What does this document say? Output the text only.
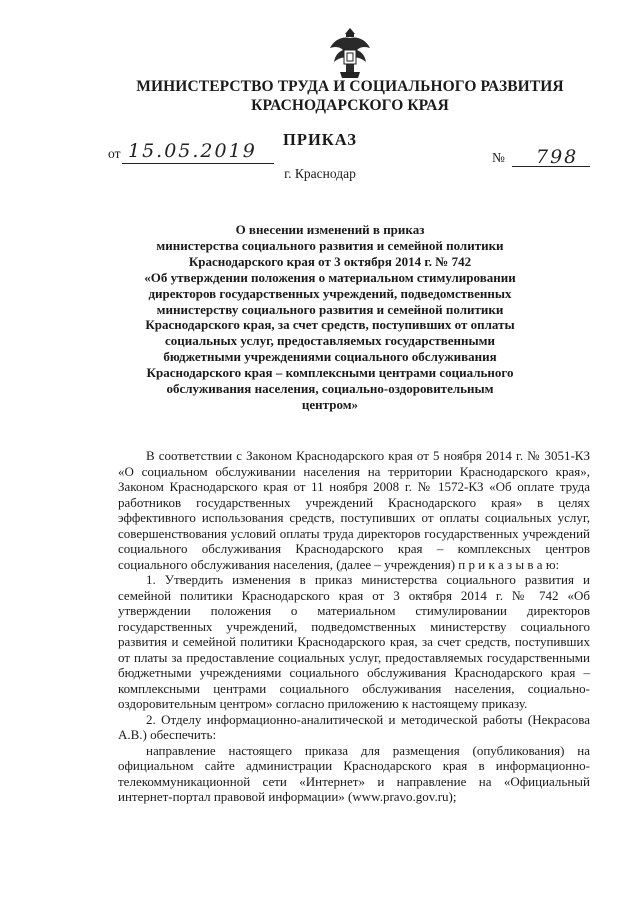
МИНИСТЕРСТВО ТРУДА И СОЦИАЛЬНОГО РАЗВИТИЯ
КРАСНОДАРСКОГО КРАЯ
ПРИКАЗ
от 15.05.2019	№ 798
г. Краснодар
О внесении изменений в приказ
министерства социального развития и семейной политики
Краснодарского края от 3 октября 2014 г. № 742
«Об утверждении положения о материальном стимулировании
директоров государственных учреждений, подведомственных
министерству социального развития и семейной политики
Краснодарского края, за счет средств, поступивших от оплаты
социальных услуг, предоставляемых государственными
бюджетными учреждениями социального обслуживания
Краснодарского края – комплексными центрами социального
обслуживания населения, социально-оздоровительным
центром»

В соответствии с Законом Краснодарского края от 5 ноября 2014 г. № 3051-КЗ «О социальном обслуживании населения на территории Краснодарского края», Законом Краснодарского края от 11 ноября 2008 г. № 1572-КЗ «Об оплате труда работников государственных учреждений Краснодарского края» в целях эффективного использования средств, поступивших от оплаты социальных услуг, совершенствования условий оплаты труда директоров государственных учреждений социального обслуживания Краснодарского края – комплексных центров социального обслуживания населения, (далее – учреждения) п р и к а з ы в а ю:

1. Утвердить изменения в приказ министерства социального развития и семейной политики Краснодарского края от 3 октября 2014 г. № 742 «Об утверждении положения о материальном стимулировании директоров государственных учреждений, подведомственных министерству социального развития и семейной политики Краснодарского края, за счет средств, поступивших от платы за предоставление социальных услуг, предоставляемых государственными бюджетными учреждениями социального обслуживания Краснодарского края – комплексными центрами социального обслуживания населения, социально-оздоровительным центром» согласно приложению к настоящему приказу.

2. Отделу информационно-аналитической и методической работы (Некрасова А.В.) обеспечить:

направление настоящего приказа для размещения (опубликования) на официальном сайте администрации Краснодарского края в информационно-телекоммуникационной сети «Интернет» и направление на «Официальный интернет-портал правовой информации» (www.pravo.gov.ru);
